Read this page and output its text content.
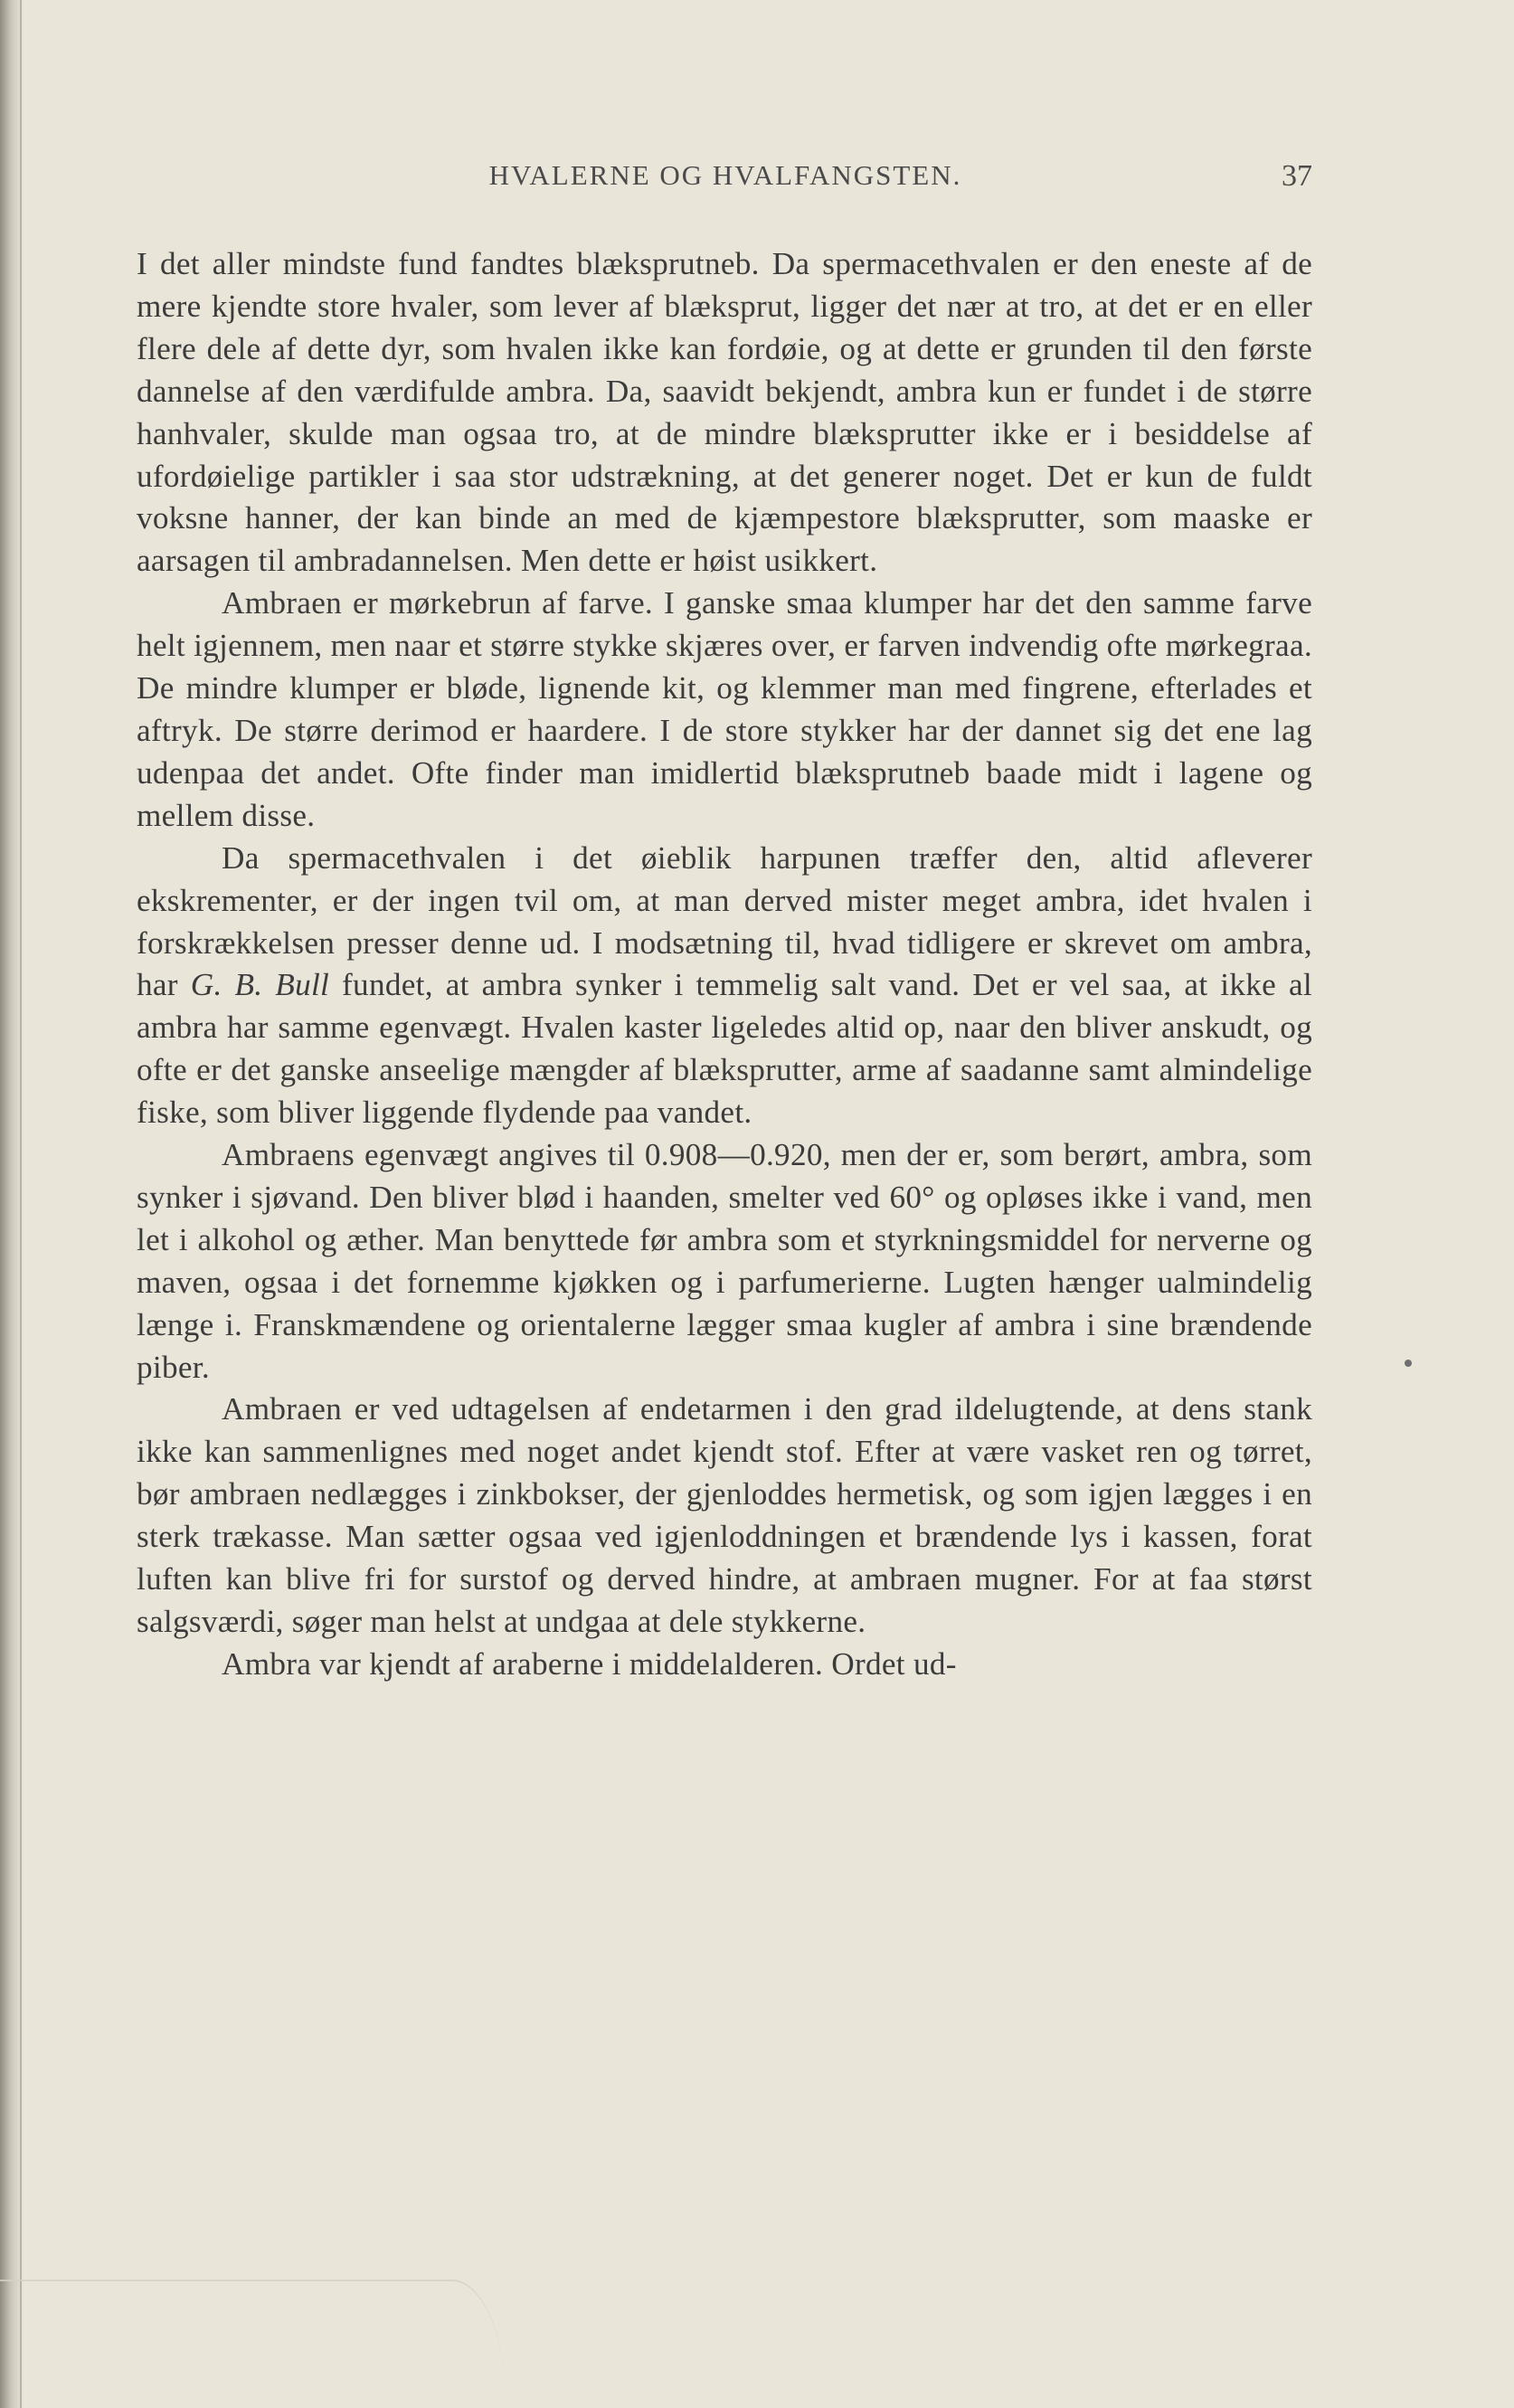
HVALERNE OG HVALFANGSTEN.	37

I det aller mindste fund fandtes blæksprutneb. Da spermacethvalen er den eneste af de mere kjendte store hvaler, som lever af blæksprut, ligger det nær at tro, at det er en eller flere dele af dette dyr, som hvalen ikke kan fordøie, og at dette er grunden til den første dannelse af den værdifulde ambra. Da, saavidt bekjendt, ambra kun er fundet i de større hanhvaler, skulde man ogsaa tro, at de mindre blæksprutter ikke er i besiddelse af ufordøielige partikler i saa stor udstrækning, at det generer noget. Det er kun de fuldt voksne hanner, der kan binde an med de kjæmpestore blæksprutter, som maaske er aarsagen til ambradannelsen. Men dette er høist usikkert.

Ambraen er mørkebrun af farve. I ganske smaa klumper har det den samme farve helt igjennem, men naar et større stykke skjæres over, er farven indvendig ofte mørkegraa. De mindre klumper er bløde, lignende kit, og klemmer man med fingrene, efterlades et aftryk. De større derimod er haardere. I de store stykker har der dannet sig det ene lag udenpaa det andet. Ofte finder man imidlertid blæksprutneb baade midt i lagene og mellem disse.

Da spermacethvalen i det øieblik harpunen træffer den, altid afleverer ekskrementer, er der ingen tvil om, at man derved mister meget ambra, idet hvalen i forskrækkelsen presser denne ud. I modsætning til, hvad tidligere er skrevet om ambra, har G. B. Bull fundet, at ambra synker i temmelig salt vand. Det er vel saa, at ikke al ambra har samme egenvægt. Hvalen kaster ligeledes altid op, naar den bliver anskudt, og ofte er det ganske anseelige mængder af blæksprutter, arme af saadanne samt almindelige fiske, som bliver liggende flydende paa vandet.

Ambraens egenvægt angives til 0.908—0.920, men der er, som berørt, ambra, som synker i sjøvand. Den bliver blød i haanden, smelter ved 60° og opløses ikke i vand, men let i alkohol og æther. Man benyttede før ambra som et styrkningsmiddel for nerverne og maven, ogsaa i det fornemme kjøkken og i parfumerierne. Lugten hænger ualmindelig længe i. Franskmændene og orientalerne lægger smaa kugler af ambra i sine brændende piber.

Ambraen er ved udtagelsen af endetarmen i den grad ildelugtende, at dens stank ikke kan sammenlignes med noget andet kjendt stof. Efter at være vasket ren og tørret, bør ambraen nedlægges i zinkbokser, der gjenloddes hermetisk, og som igjen lægges i en sterk trækasse. Man sætter ogsaa ved igjenloddningen et brændende lys i kassen, forat luften kan blive fri for surstof og derved hindre, at ambraen mugner. For at faa størst salgsværdi, søger man helst at undgaa at dele stykkerne.

Ambra var kjendt af araberne i middelalderen. Ordet ud-
